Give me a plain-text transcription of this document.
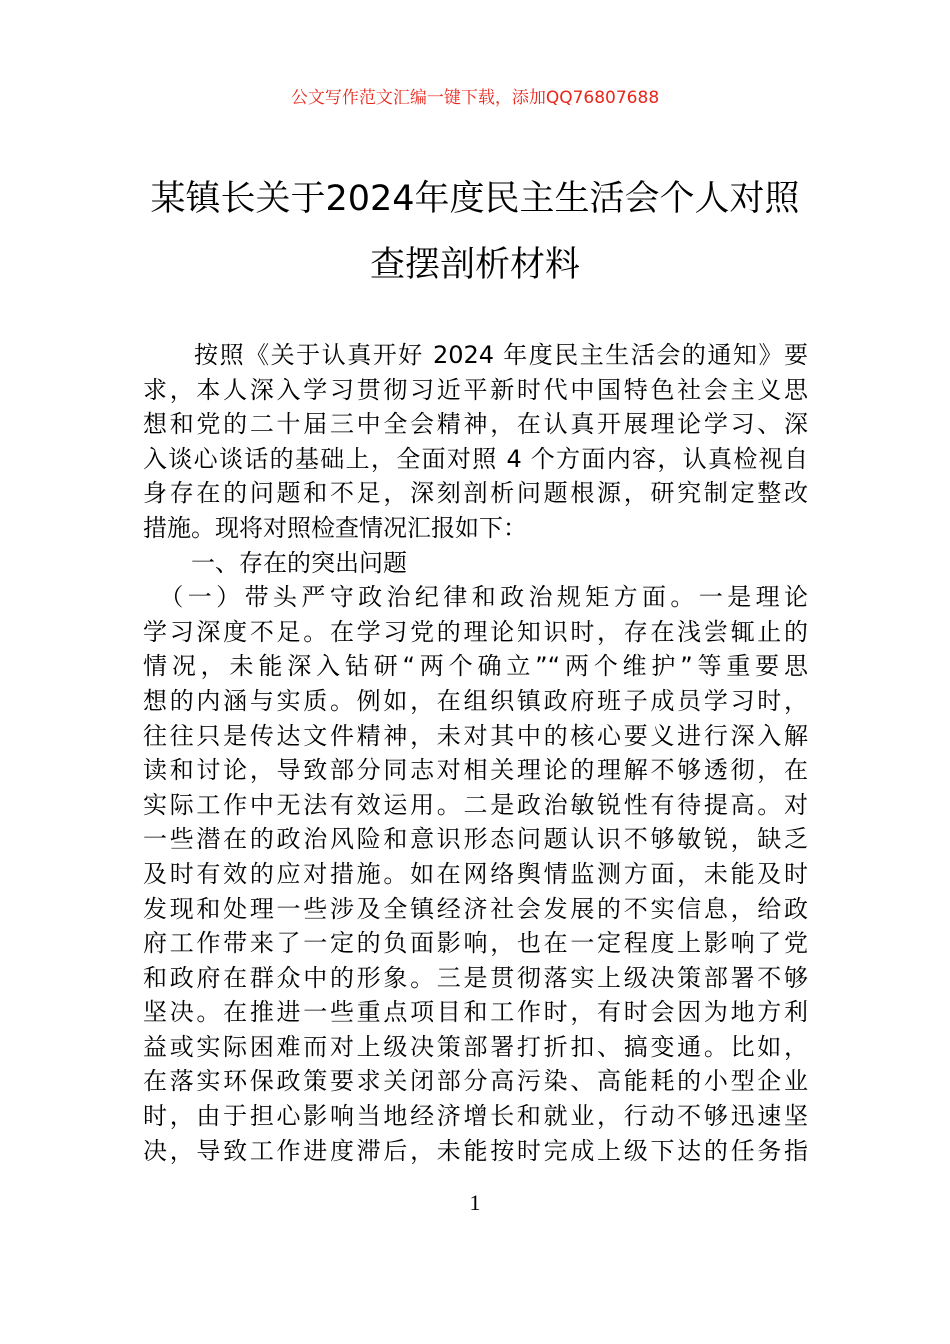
公文写作范文汇编一键下载，添加QQ76807688
某镇长关于2024年度民主生活会个人对照
查摆剖析材料

　　按照《关于认真开好 2024 年度民主生活会的通知》要
求，本人深入学习贯彻习近平新时代中国特色社会主义思
想和党的二十届三中全会精神，在认真开展理论学习、深
入谈心谈话的基础上，全面对照 4 个方面内容，认真检视自
身存在的问题和不足，深刻剖析问题根源，研究制定整改
措施。现将对照检查情况汇报如下：

　　一、存在的突出问题

　（一）带头严守政治纪律和政治规矩方面。一是理论
学习深度不足。在学习党的理论知识时，存在浅尝辄止的
情况，未能深入钻研“两个确立”“两个维护”等重要思
想的内涵与实质。例如，在组织镇政府班子成员学习时，
往往只是传达文件精神，未对其中的核心要义进行深入解
读和讨论，导致部分同志对相关理论的理解不够透彻，在
实际工作中无法有效运用。二是政治敏锐性有待提高。对
一些潜在的政治风险和意识形态问题认识不够敏锐，缺乏
及时有效的应对措施。如在网络舆情监测方面，未能及时
发现和处理一些涉及全镇经济社会发展的不实信息，给政
府工作带来了一定的负面影响，也在一定程度上影响了党
和政府在群众中的形象。三是贯彻落实上级决策部署不够
坚决。在推进一些重点项目和工作时，有时会因为地方利
益或实际困难而对上级决策部署打折扣、搞变通。比如，
在落实环保政策要求关闭部分高污染、高能耗的小型企业
时，由于担心影响当地经济增长和就业，行动不够迅速坚
决，导致工作进度滞后，未能按时完成上级下达的任务指

1
